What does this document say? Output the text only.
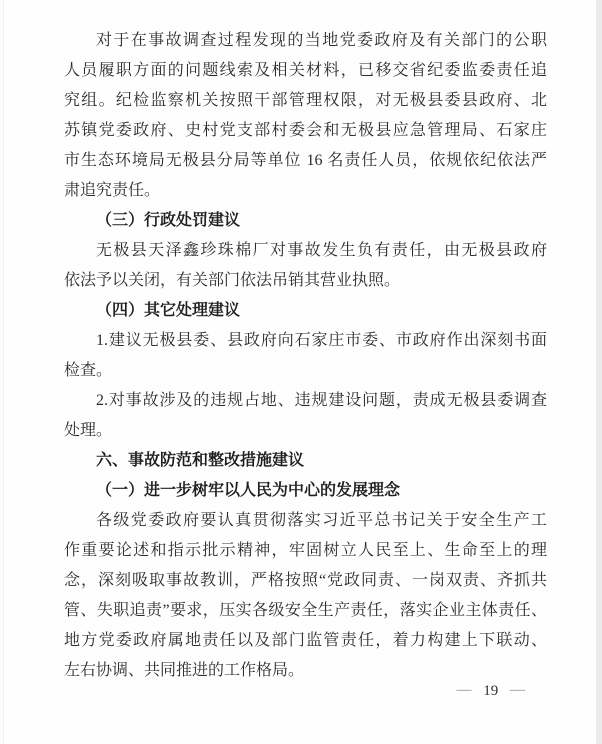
对于在事故调查过程发现的当地党委政府及有关部门的公职
人员履职方面的问题线索及相关材料，已移交省纪委监委责任追
究组。纪检监察机关按照干部管理权限，对无极县委县政府、北
苏镇党委政府、史村党支部村委会和无极县应急管理局、石家庄
市生态环境局无极县分局等单位 16 名责任人员，依规依纪依法严
肃追究责任。
（三）行政处罚建议
无极县天泽鑫珍珠棉厂对事故发生负有责任，由无极县政府
依法予以关闭，有关部门依法吊销其营业执照。
（四）其它处理建议
1.建议无极县委、县政府向石家庄市委、市政府作出深刻书面
检查。
2.对事故涉及的违规占地、违规建设问题，责成无极县委调查
处理。
六、事故防范和整改措施建议
（一）进一步树牢以人民为中心的发展理念
各级党委政府要认真贯彻落实习近平总书记关于安全生产工
作重要论述和指示批示精神，牢固树立人民至上、生命至上的理
念，深刻吸取事故教训，严格按照“党政同责、一岗双责、齐抓共
管、失职追责”要求，压实各级安全生产责任，落实企业主体责任、
地方党委政府属地责任以及部门监管责任，着力构建上下联动、
左右协调、共同推进的工作格局。
— 19 —
